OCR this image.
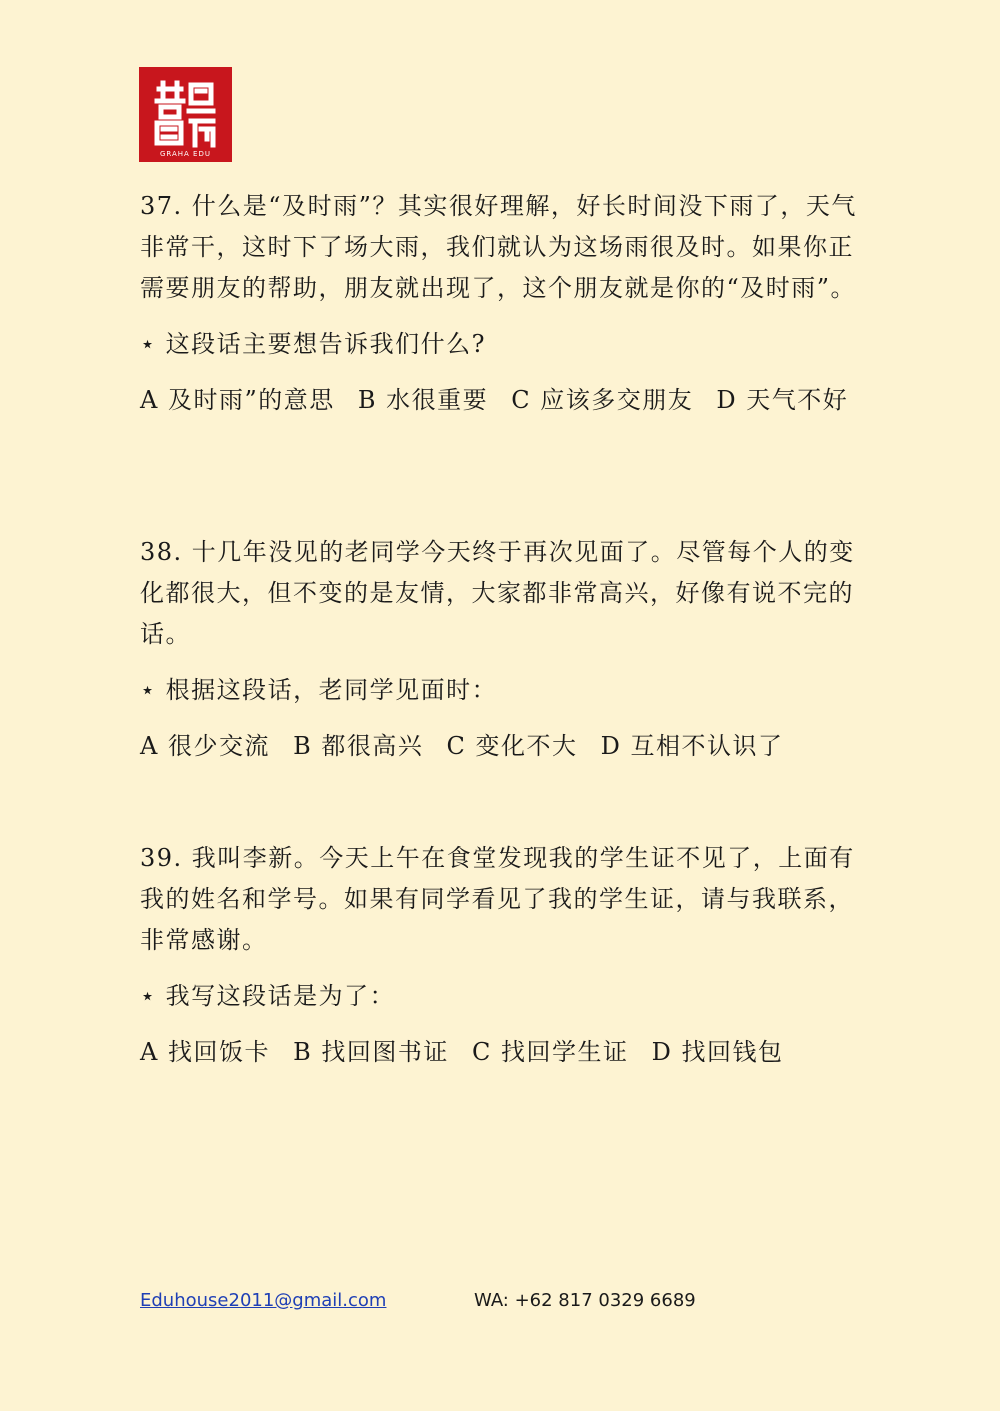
GRAHA EDU

37. 什么是“及时雨”？其实很好理解，好长时间没下雨了，天气非常干，这时下了场大雨，我们就认为这场雨很及时。如果你正需要朋友的帮助，朋友就出现了，这个朋友就是你的“及时雨”。

⋆ 这段话主要想告诉我们什么?

A 及时雨”的意思 B 水很重要 C 应该多交朋友 D 天气不好

38. 十几年没见的老同学今天终于再次见面了。尽管每个人的变化都很大，但不变的是友情，大家都非常高兴，好像有说不完的话。

⋆ 根据这段话，老同学见面时：

A 很少交流 B 都很高兴 C 变化不大 D 互相不认识了

39. 我叫李新。今天上午在食堂发现我的学生证不见了，上面有我的姓名和学号。如果有同学看见了我的学生证，请与我联系，非常感谢。

⋆ 我写这段话是为了：

A 找回饭卡 B 找回图书证 C 找回学生证 D 找回钱包
Eduhouse2011@gmail.com	WA: +62 817 0329 6689
